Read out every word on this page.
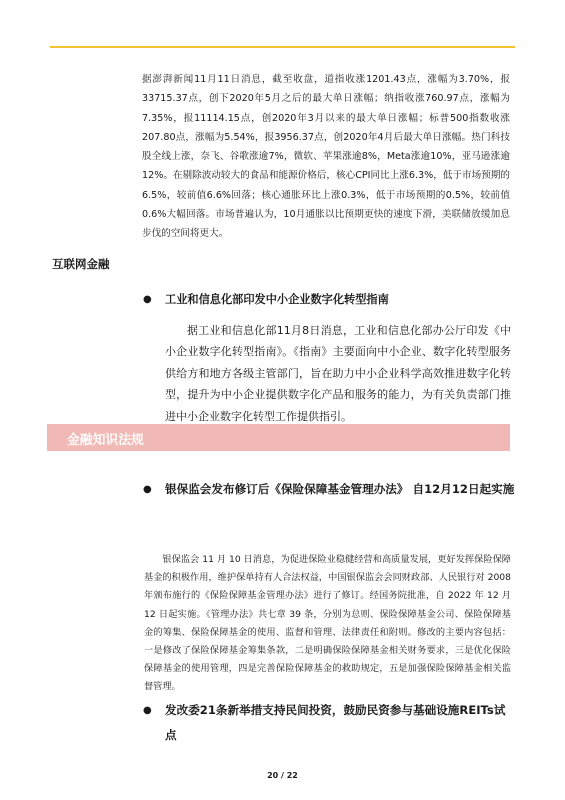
据澎湃新闻11月11日消息，截至收盘，道指收涨1201.43点，涨幅为3.70%，报33715.37点，创下2020年5月之后的最大单日涨幅；纳指收涨760.97点，涨幅为7.35%，报11114.15点，创2020年3月以来的最大单日涨幅；标普500指数收涨207.80点，涨幅为5.54%，报3956.37点，创2020年4月后最大单日涨幅。热门科技股全线上涨，奈飞、谷歌涨逾7%，微软、苹果涨逾8%，Meta涨逾10%，亚马逊涨逾12%。在剔除波动较大的食品和能源价格后，核心CPI同比上涨6.3%，低于市场预期的6.5%，较前值6.6%回落；核心通胀环比上涨0.3%，低于市场预期的0.5%，较前值0.6%大幅回落。市场普遍认为，10月通胀以比预期更快的速度下滑，美联储放缓加息步伐的空间将更大。

互联网金融
●	工业和信息化部印发中小企业数字化转型指南

据工业和信息化部11月8日消息，工业和信息化部办公厅印发《中小企业数字化转型指南》。《指南》主要面向中小企业、数字化转型服务供给方和地方各级主管部门，旨在助力中小企业科学高效推进数字化转型，提升为中小企业提供数字化产品和服务的能力，为有关负责部门推进中小企业数字化转型工作提供指引。

金融知识法规

●	银保监会发布修订后《保险保障基金管理办法》 自12月12日起实施

银保监会 11 月 10 日消息，为促进保险业稳健经营和高质量发展，更好发挥保险保障基金的积极作用，维护保单持有人合法权益，中国银保监会会同财政部、人民银行对 2008 年颁布施行的《保险保障基金管理办法》进行了修订。经国务院批准，自 2022 年 12 月 12 日起实施。《管理办法》共七章 39 条，分别为总则、保险保障基金公司、保险保障基金的筹集、保险保障基金的使用、监督和管理、法律责任和附则。修改的主要内容包括：一是修改了保险保障基金筹集条款，二是明确保险保障基金相关财务要求，三是优化保险保障基金的使用管理，四是完善保险保障基金的救助规定，五是加强保险保障基金相关监督管理。

●	发改委21条新举措支持民间投资，鼓励民资参与基础设施REITs试点

20 / 22
